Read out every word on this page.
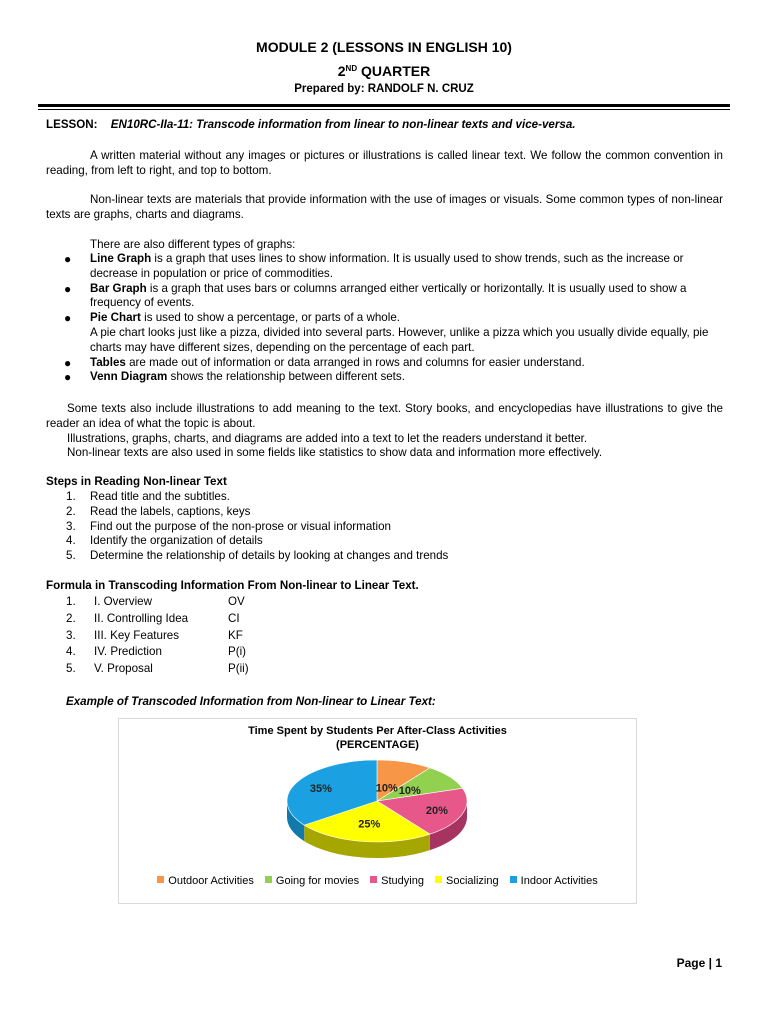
MODULE 2 (LESSONS IN ENGLISH 10)
2ND QUARTER
Prepared by: RANDOLF N. CRUZ
LESSON: EN10RC-IIa-11: Transcode information from linear to non-linear texts and vice-versa.
A written material without any images or pictures or illustrations is called linear text. We follow the common convention in reading, from left to right, and top to bottom.
Non-linear texts are materials that provide information with the use of images or visuals. Some common types of non-linear texts are graphs, charts and diagrams.
There are also different types of graphs:
● Line Graph is a graph that uses lines to show information. It is usually used to show trends, such as the increase or decrease in population or price of commodities.
● Bar Graph is a graph that uses bars or columns arranged either vertically or horizontally. It is usually used to show a frequency of events.
● Pie Chart is used to show a percentage, or parts of a whole.
A pie chart looks just like a pizza, divided into several parts. However, unlike a pizza which you usually divide equally, pie charts may have different sizes, depending on the percentage of each part.
● Tables are made out of information or data arranged in rows and columns for easier understand.
● Venn Diagram shows the relationship between different sets.
Some texts also include illustrations to add meaning to the text. Story books, and encyclopedias have illustrations to give the reader an idea of what the topic is about.
Illustrations, graphs, charts, and diagrams are added into a text to let the readers understand it better.
Non-linear texts are also used in some fields like statistics to show data and information more effectively.
Steps in Reading Non-linear Text
1.	Read title and the subtitles.
2.	Read the labels, captions, keys
3.	Find out the purpose of the non-prose or visual information
4.	Identify the organization of details
5.	Determine the relationship of details by looking at changes and trends
Formula in Transcoding Information From Non-linear to Linear Text.
1.	I. Overview	OV
2.	II. Controlling Idea	CI
3.	III. Key Features	KF
4.	IV. Prediction	P(i)
5.	V. Proposal	P(ii)
Example of Transcoded Information from Non-linear to Linear Text:
Time Spent by Students Per After-Class Activities
(PERCENTAGE)
10% 10%
20%
25%
35%
Outdoor Activities Going for movies Studying Socializing Indoor Activities
Page | 1
